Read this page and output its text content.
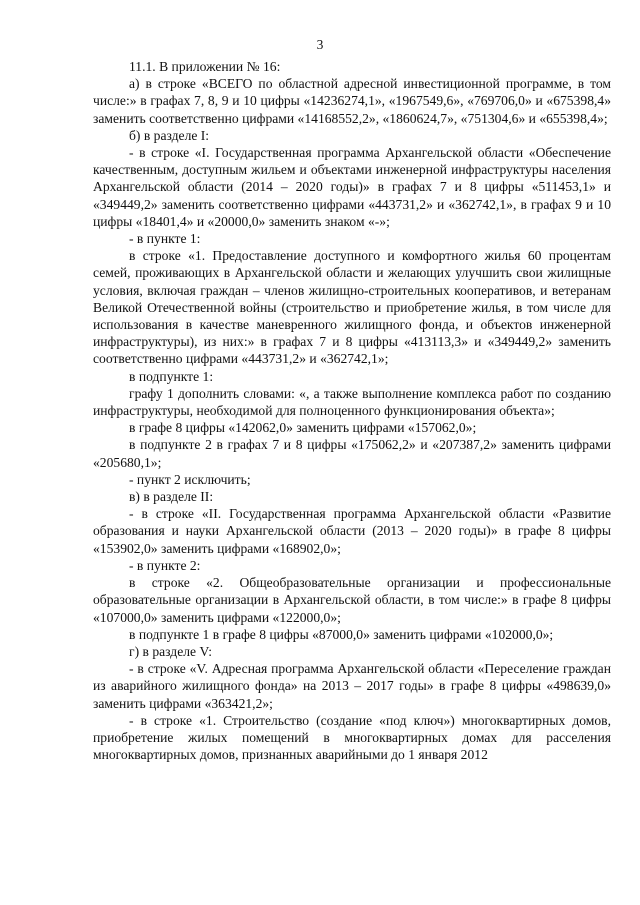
3

11.1. В приложении № 16:

а) в строке «ВСЕГО по областной адресной инвестиционной программе, в том числе:» в графах 7, 8, 9 и 10 цифры «14236274,1», «1967549,6», «769706,0» и «675398,4» заменить соответственно цифрами «14168552,2», «1860624,7», «751304,6» и «655398,4»;

б) в разделе I:

- в строке «I. Государственная программа Архангельской области «Обеспечение качественным, доступным жильем и объектами инженерной инфраструктуры населения Архангельской области (2014 – 2020 годы)» в графах 7 и 8 цифры «511453,1» и «349449,2» заменить соответственно цифрами «443731,2» и «362742,1», в графах 9 и 10 цифры «18401,4» и «20000,0» заменить знаком «-»;

- в пункте 1:

в строке «1. Предоставление доступного и комфортного жилья 60 процентам семей, проживающих в Архангельской области и желающих улучшить свои жилищные условия, включая граждан – членов жилищно-строительных кооперативов, и ветеранам Великой Отечественной войны (строительство и приобретение жилья, в том числе для использования в качестве маневренного жилищного фонда, и объектов инженерной инфраструктуры), из них:» в графах 7 и 8 цифры «413113,3» и «349449,2» заменить соответственно цифрами «443731,2» и «362742,1»;

в подпункте 1:

графу 1 дополнить словами: «, а также выполнение комплекса работ по созданию инфраструктуры, необходимой для полноценного функционирования объекта»;

в графе 8 цифры «142062,0» заменить цифрами «157062,0»;

в подпункте 2 в графах 7 и 8 цифры «175062,2» и «207387,2» заменить цифрами «205680,1»;

- пункт 2 исключить;

в) в разделе II:

- в строке «II. Государственная программа Архангельской области «Развитие образования и науки Архангельской области (2013 – 2020 годы)» в графе 8 цифры «153902,0» заменить цифрами «168902,0»;

- в пункте 2:

в строке «2. Общеобразовательные организации и профессиональные образовательные организации в Архангельской области, в том числе:» в графе 8 цифры «107000,0» заменить цифрами «122000,0»;

в подпункте 1 в графе 8 цифры «87000,0» заменить цифрами «102000,0»;

г) в разделе V:

- в строке «V. Адресная программа Архангельской области «Переселение граждан из аварийного жилищного фонда» на 2013 – 2017 годы» в графе 8 цифры «498639,0» заменить цифрами «363421,2»;

- в строке «1. Строительство (создание «под ключ») многоквартирных домов, приобретение жилых помещений в многоквартирных домах для расселения многоквартирных домов, признанных аварийными до 1 января 2012
